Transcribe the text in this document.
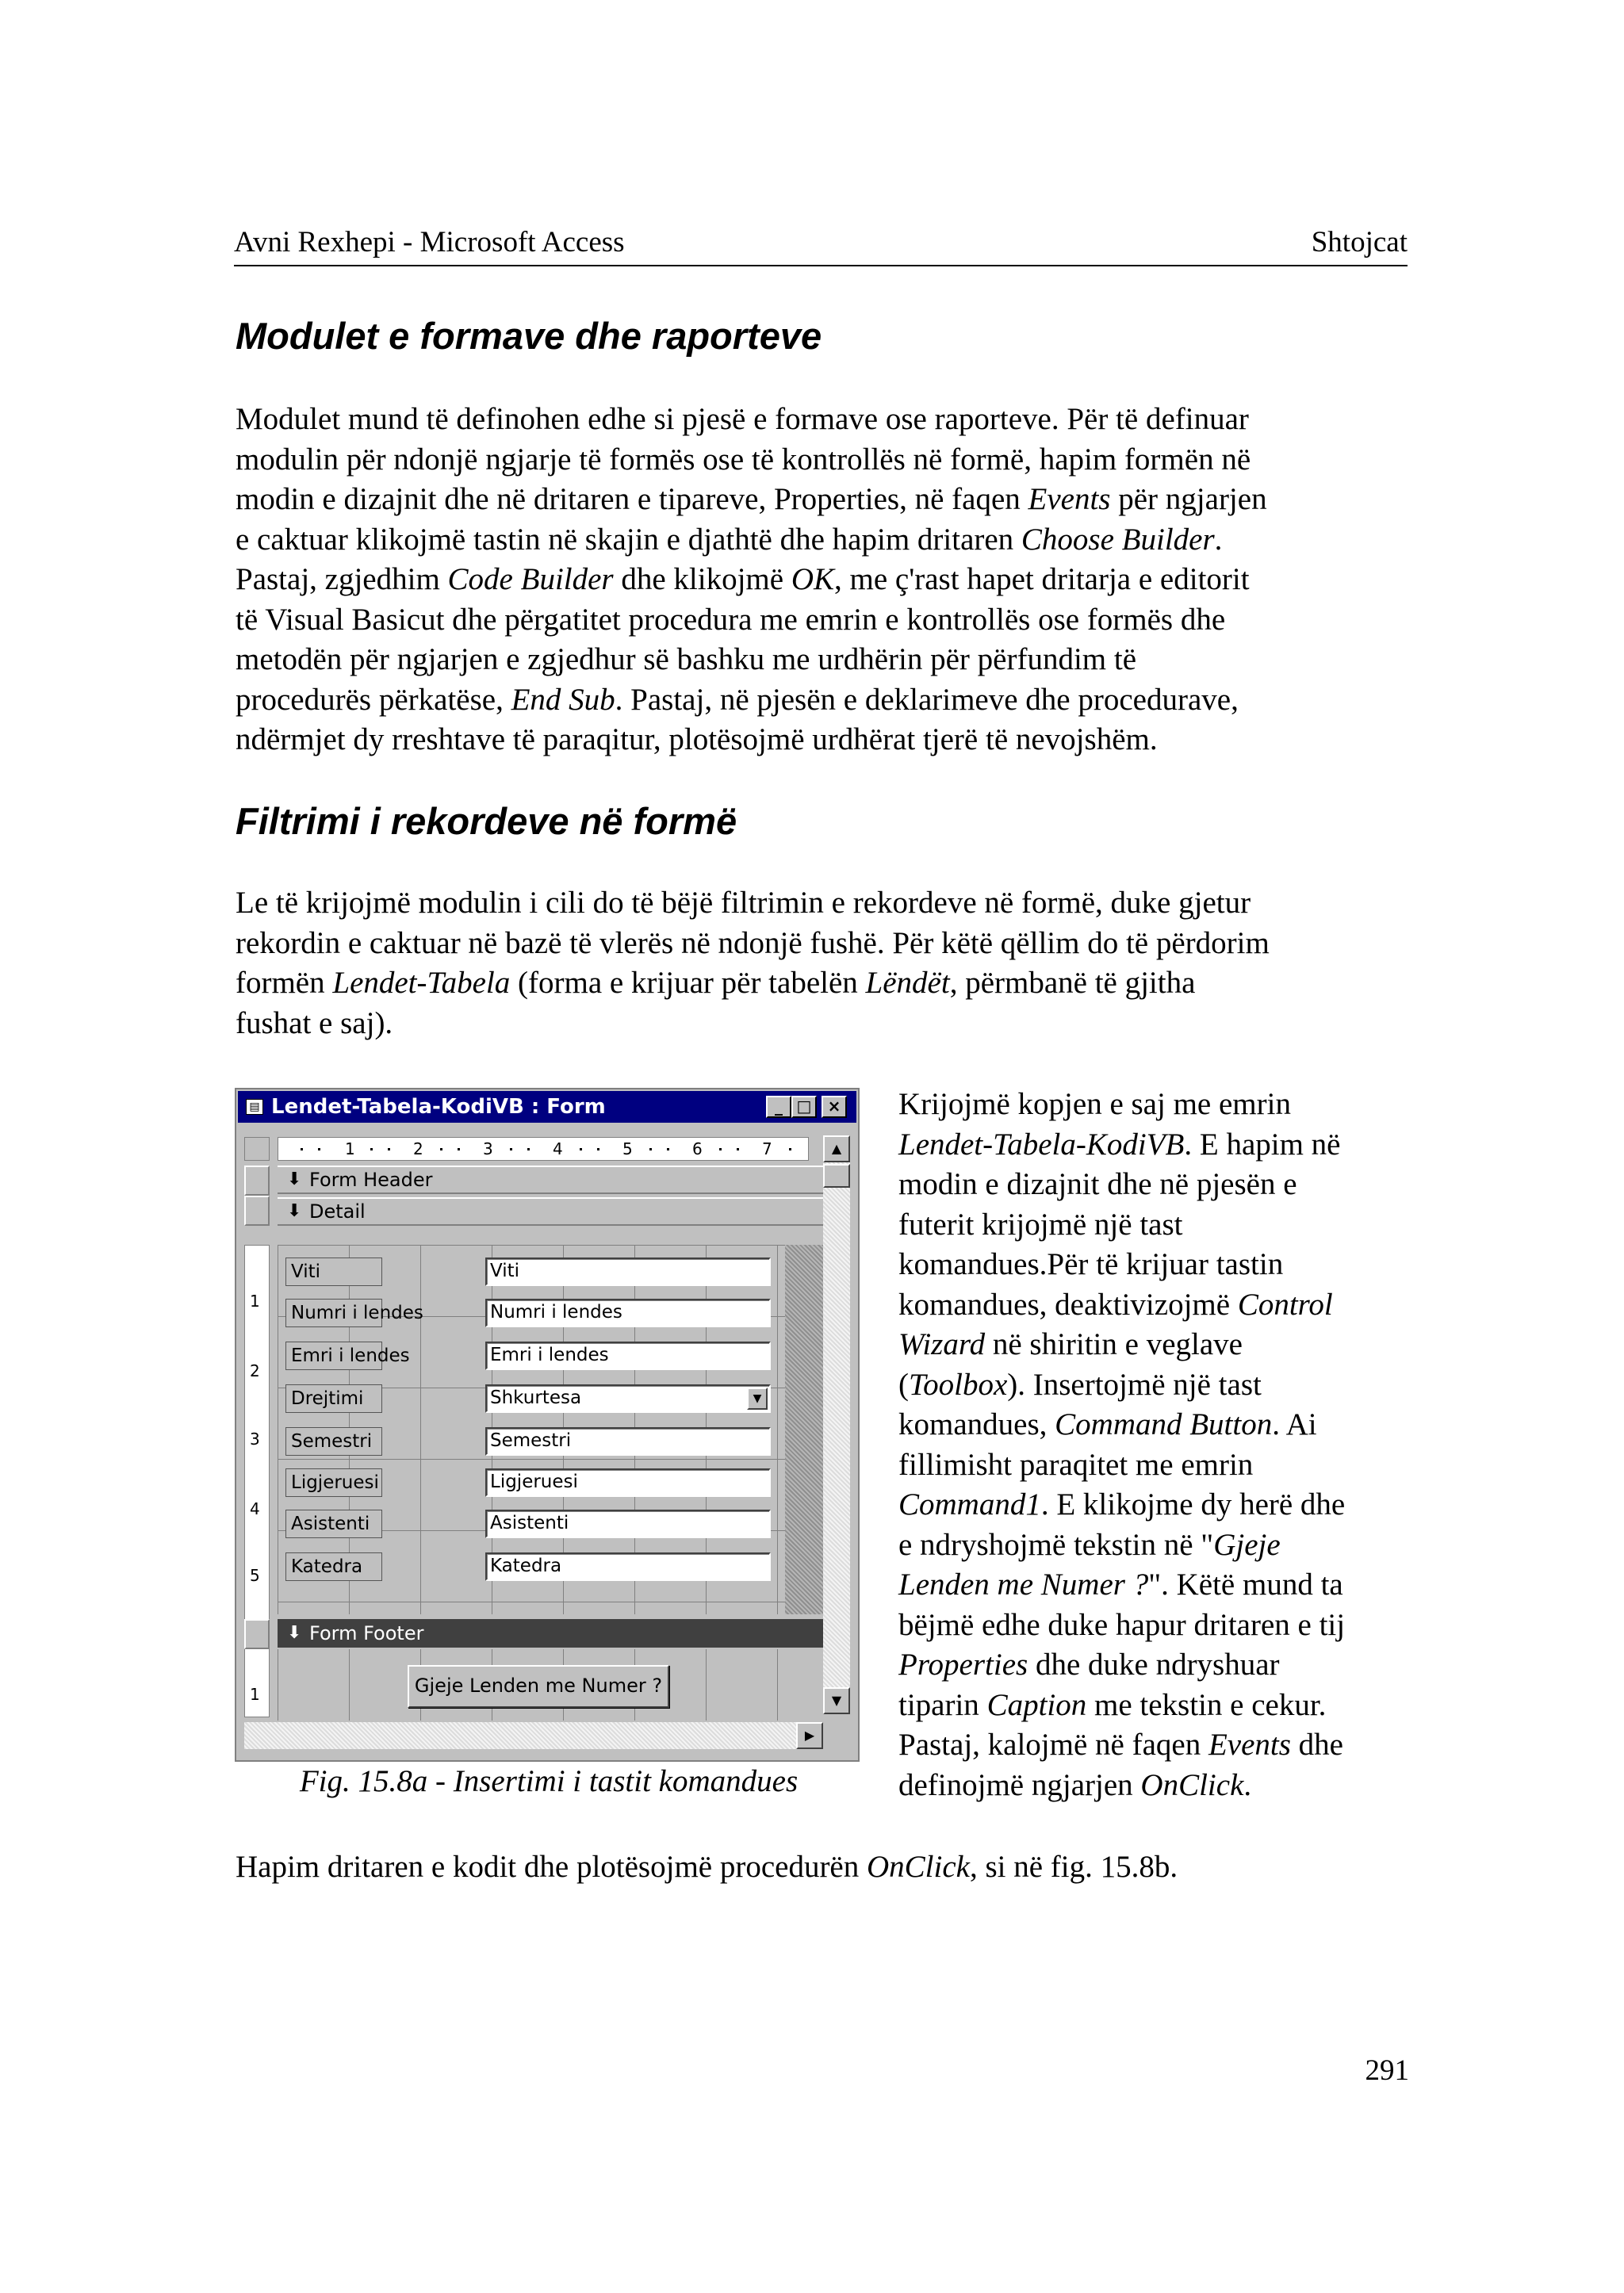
Avni Rexhepi - Microsoft Access	Shtojcat
Modulet e formave dhe raporteve

Modulet mund të definohen edhe si pjesë e formave ose raporteve. Për të definuar
modulin për ndonjë ngjarje të formës ose të kontrollës në formë, hapim formën në
modin e dizajnit dhe në dritaren e tipareve, Properties, në faqen Events për ngjarjen
e caktuar klikojmë tastin në skajin e djathtë dhe hapim dritaren Choose Builder.
Pastaj, zgjedhim Code Builder dhe klikojmë OK, me ç'rast hapet dritarja e editorit
të Visual Basicut dhe përgatitet procedura me emrin e kontrollës ose formës dhe
metodën për ngjarjen e zgjedhur së bashku me urdhërin për përfundim të
procedurës përkatëse, End Sub. Pastaj, në pjesën e deklarimeve dhe procedurave,
ndërmjet dy rreshtave të paraqitur, plotësojmë urdhërat tjerë të nevojshëm.

Filtrimi i rekordeve në formë

Le të krijojmë modulin i cili do të bëjë filtrimin e rekordeve në formë, duke gjetur
rekordin e caktuar në bazë të vlerës në ndonjë fushë. Për këtë qëllim do të përdorim
formën Lendet-Tabela (forma e krijuar për tabelën Lëndët, përmbanë të gjitha
fushat e saj).

Krijojmë kopjen e saj me emrin
Lendet-Tabela-KodiVB. E hapim në
modin e dizajnit dhe në pjesën e
futerit krijojmë një tast
komandues.Për të krijuar tastin
komandues, deaktivizojmë Control
Wizard në shiritin e veglave
(Toolbox). Insertojmë një tast
komandues, Command Button. Ai
fillimisht paraqitet me emrin
Command1. E klikojme dy herë dhe
e ndryshojmë tekstin në "Gjeje
Lenden me Numer ?". Këtë mund ta
bëjmë edhe duke hapur dritaren e tij
Properties dhe duke ndryshuar
tiparin Caption me tekstin e cekur.
Pastaj, kalojmë në faqen Events dhe
definojmë ngjarjen OnClick.

▤ Lendet-Tabela-KodiVB : Form	_ □	×
1	2	3	4	5	6	7	▲
▼
▶
⬇ Form Header
⬇ Detail
1
2
3
4
5
1
Viti	Viti
Numri i lendes	Numri i lendes
Emri i lendes	Emri i lendes
Drejtimi	Shkurtesa	▼
Semestri	Semestri
Ligjeruesi	Ligjeruesi
Asistenti	Asistenti
Katedra	Katedra
⬇ Form Footer
Gjeje Lenden me Numer ?
Fig. 15.8a - Insertimi i tastit komandues

Hapim dritaren e kodit dhe plotësojmë procedurën OnClick, si në fig. 15.8b.

291
